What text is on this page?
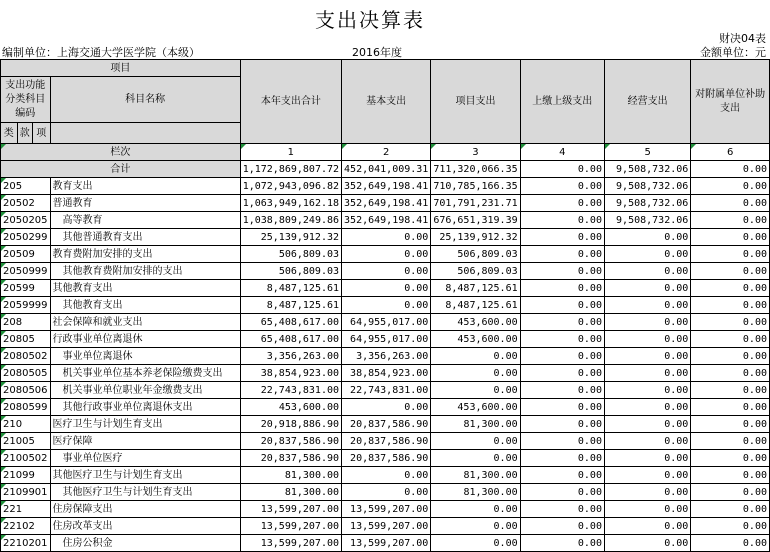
支出决算表
财决04表
编制单位：上海交通大学医学院（本级）	2016年度	金额单位：元
项目				本年支出合计	基本支出	项目支出	上缴上级支出	经营支出	对附属单位补助支出
支出功能分类科目编码			科目名称						

类	款	项							
栏次				1	2	3	4	5	6
合计				1,172,869,807.72	452,041,009.31	711,320,066.35	0.00	9,508,732.06	0.00
205			教育支出	1,072,943,096.82	352,649,198.41	710,785,166.35	0.00	9,508,732.06	0.00
20502			普通教育	1,063,949,162.18	352,649,198.41	701,791,231.71	0.00	9,508,732.06	0.00
2050205			高等教育	1,038,809,249.86	352,649,198.41	676,651,319.39	0.00	9,508,732.06	0.00
2050299			其他普通教育支出	25,139,912.32	0.00	25,139,912.32	0.00	0.00	0.00
20509			教育费附加安排的支出	506,809.03	0.00	506,809.03	0.00	0.00	0.00
2050999			其他教育费附加安排的支出	506,809.03	0.00	506,809.03	0.00	0.00	0.00
20599			其他教育支出	8,487,125.61	0.00	8,487,125.61	0.00	0.00	0.00
2059999			其他教育支出	8,487,125.61	0.00	8,487,125.61	0.00	0.00	0.00
208			社会保障和就业支出	65,408,617.00	64,955,017.00	453,600.00	0.00	0.00	0.00
20805			行政事业单位离退休	65,408,617.00	64,955,017.00	453,600.00	0.00	0.00	0.00
2080502			事业单位离退休	3,356,263.00	3,356,263.00	0.00	0.00	0.00	0.00
2080505			机关事业单位基本养老保险缴费支出	38,854,923.00	38,854,923.00	0.00	0.00	0.00	0.00
2080506			机关事业单位职业年金缴费支出	22,743,831.00	22,743,831.00	0.00	0.00	0.00	0.00
2080599			其他行政事业单位离退休支出	453,600.00	0.00	453,600.00	0.00	0.00	0.00
210			医疗卫生与计划生育支出	20,918,886.90	20,837,586.90	81,300.00	0.00	0.00	0.00
21005			医疗保障	20,837,586.90	20,837,586.90	0.00	0.00	0.00	0.00
2100502			事业单位医疗	20,837,586.90	20,837,586.90	0.00	0.00	0.00	0.00
21099			其他医疗卫生与计划生育支出	81,300.00	0.00	81,300.00	0.00	0.00	0.00
2109901			其他医疗卫生与计划生育支出	81,300.00	0.00	81,300.00	0.00	0.00	0.00
221			住房保障支出	13,599,207.00	13,599,207.00	0.00	0.00	0.00	0.00
22102			住房改革支出	13,599,207.00	13,599,207.00	0.00	0.00	0.00	0.00
2210201			住房公积金	13,599,207.00	13,599,207.00	0.00	0.00	0.00	0.00
